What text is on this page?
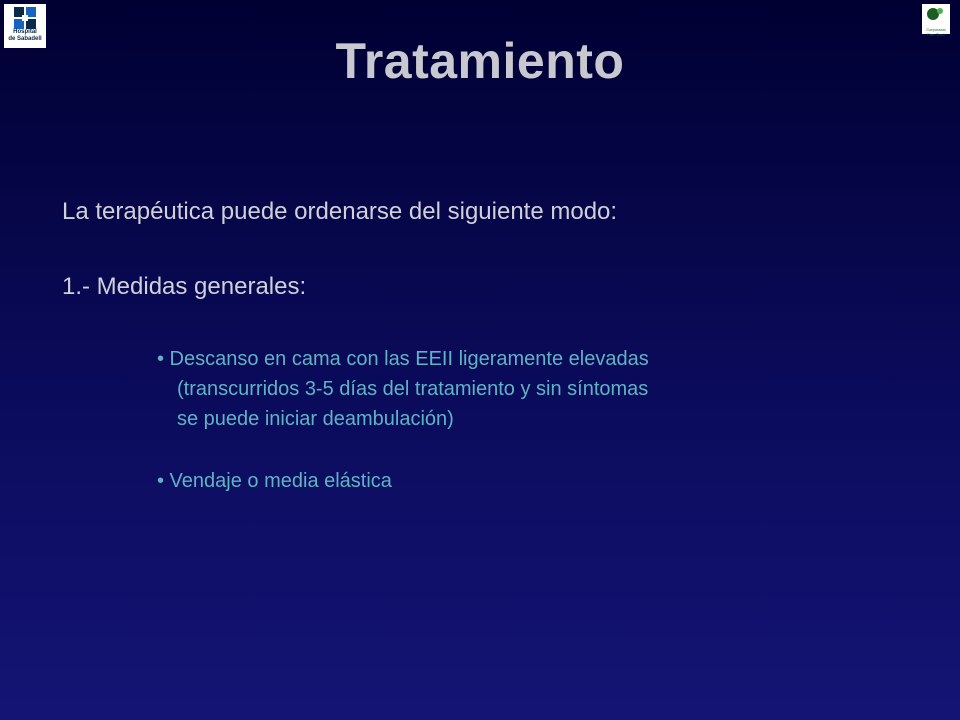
Hospital
de Sabadell
Corporació
Parc Taulí
Tratamiento
La terapéutica puede ordenarse del siguiente modo:
1.- Medidas generales:
• Descanso en cama con las EEII ligeramente elevadas
(transcurridos 3-5 días del tratamiento y sin síntomas
se puede iniciar deambulación)
• Vendaje o media elástica
